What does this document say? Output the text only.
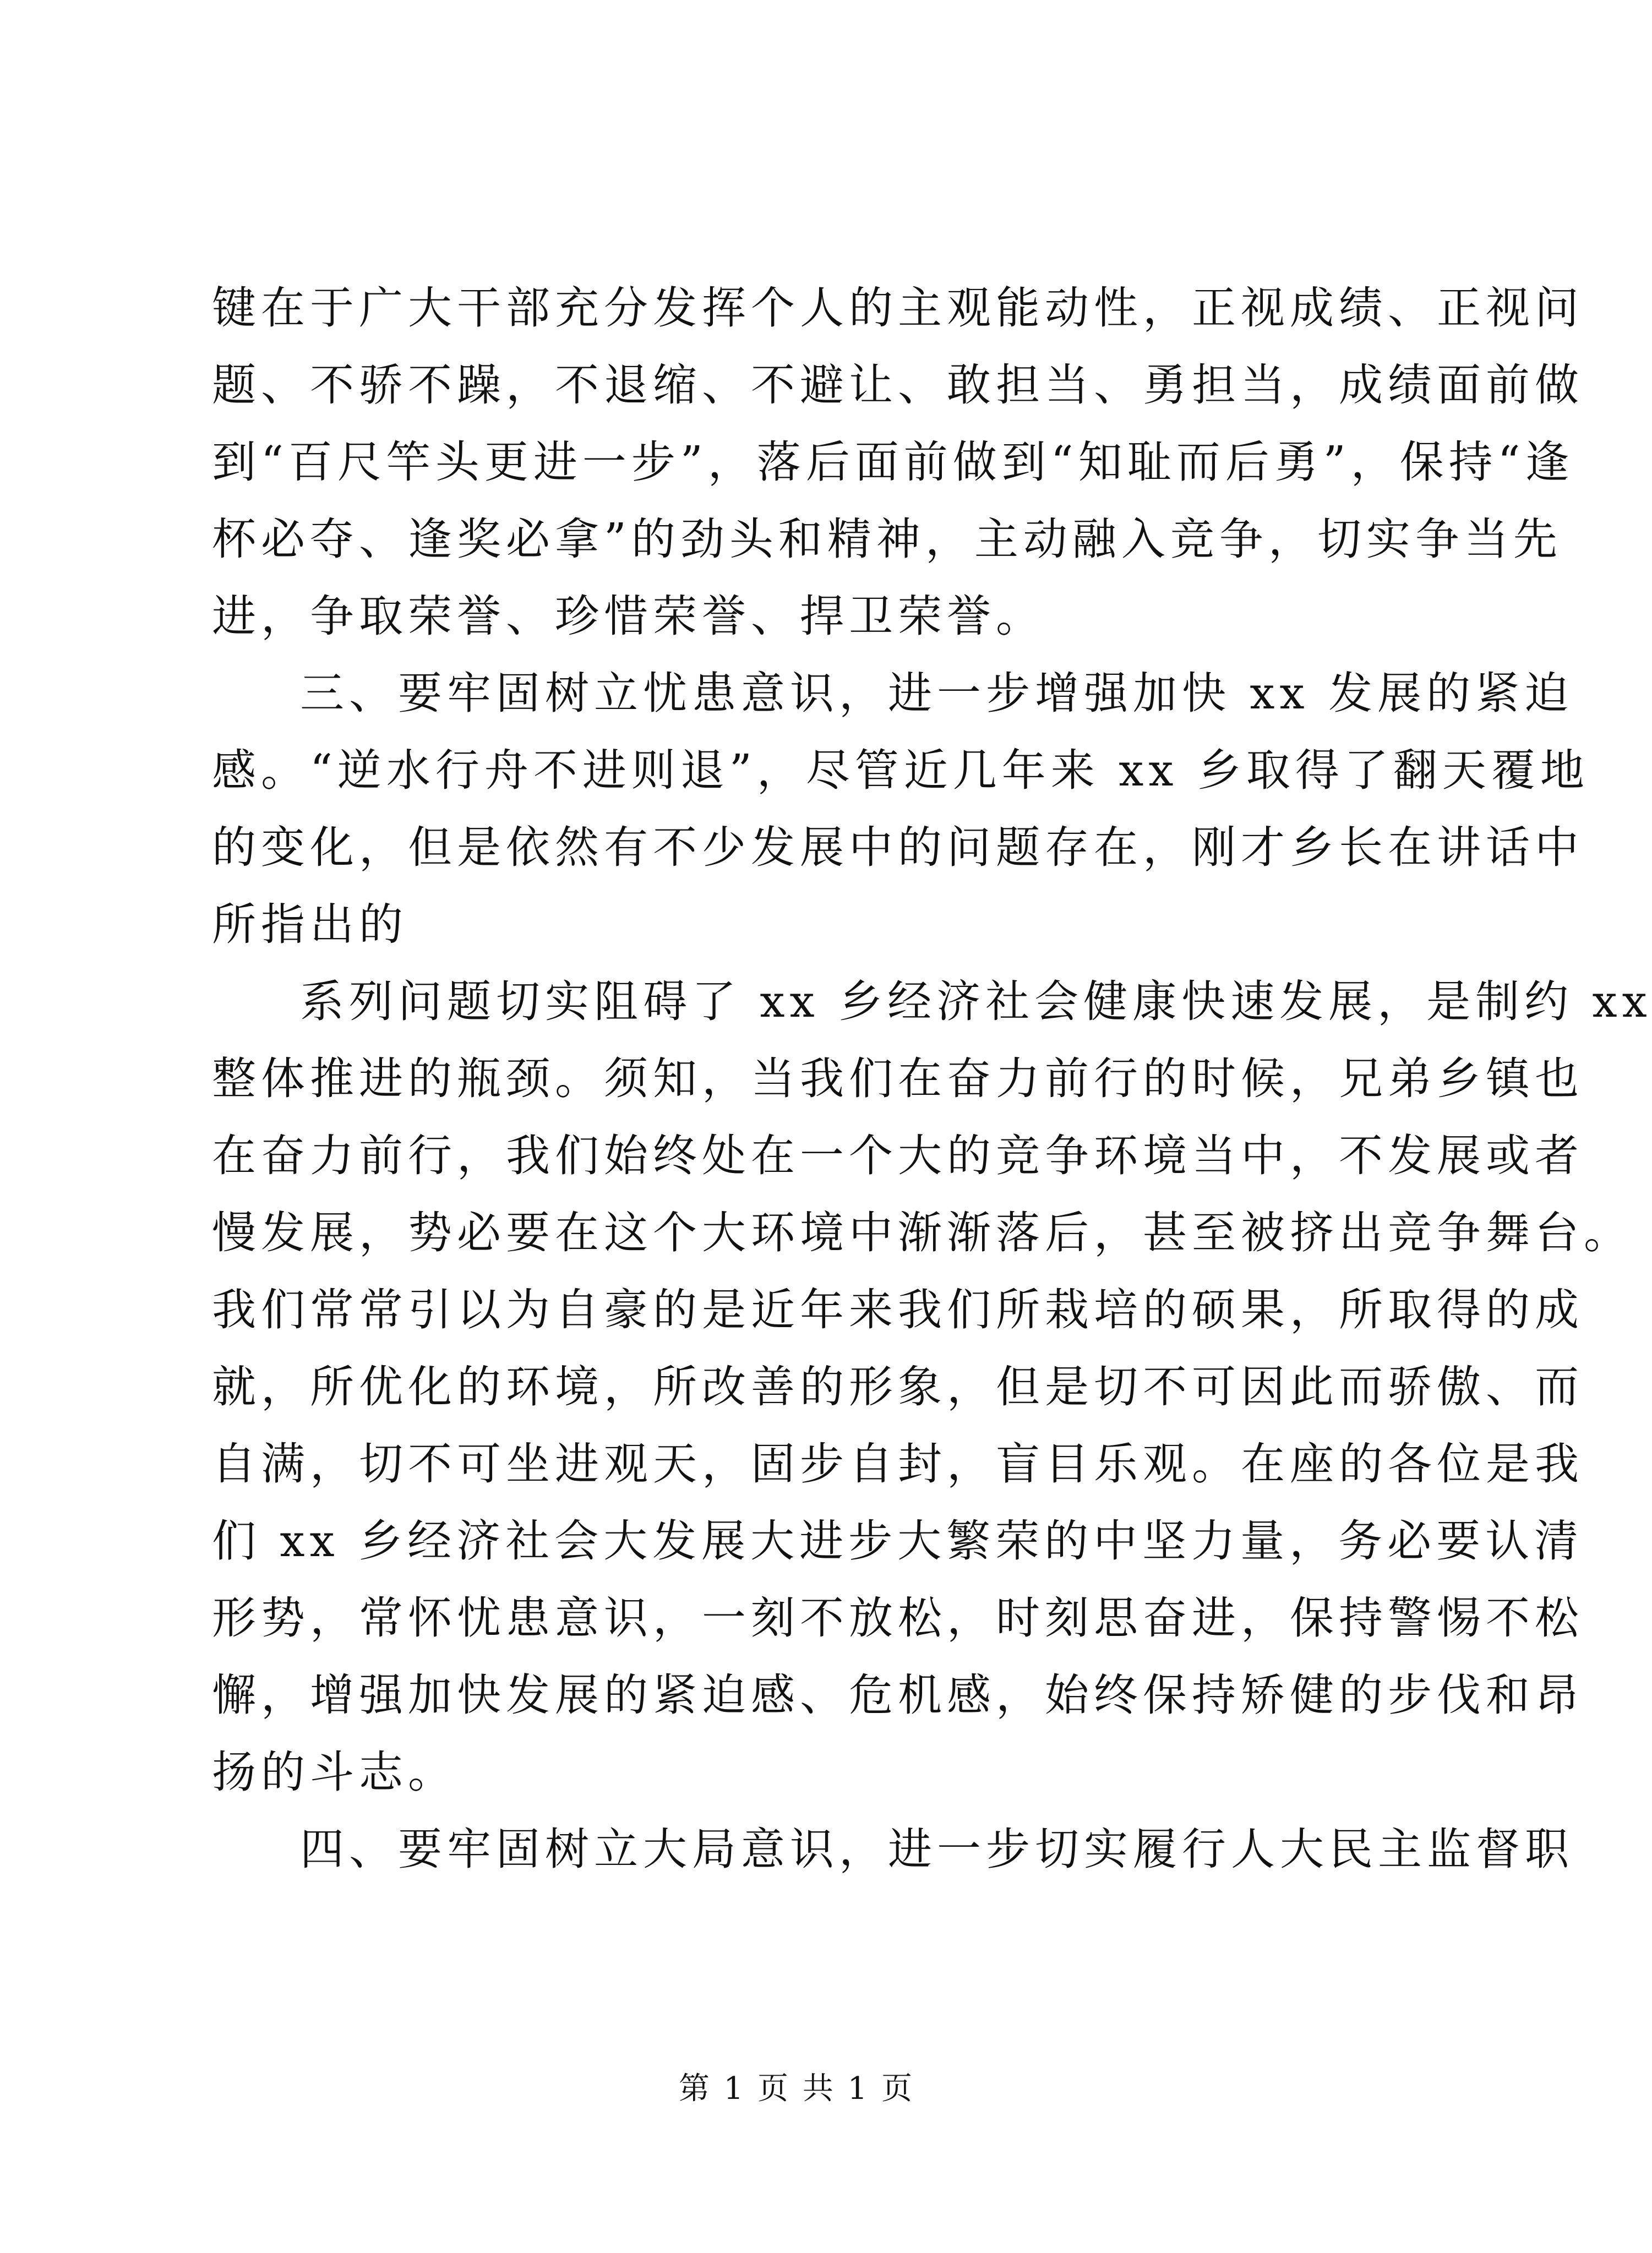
键在于广大干部充分发挥个人的主观能动性，正视成绩、正视问
题、不骄不躁，不退缩、不避让、敢担当、勇担当，成绩面前做
到“百尺竿头更进一步”，落后面前做到“知耻而后勇”，保持“逢
杯必夺、逢奖必拿”的劲头和精神，主动融入竞争，切实争当先
进，争取荣誉、珍惜荣誉、捍卫荣誉。
三、要牢固树立忧患意识，进一步增强加快 xx 发展的紧迫
感。“逆水行舟不进则退”，尽管近几年来 xx 乡取得了翻天覆地
的变化，但是依然有不少发展中的问题存在，刚才乡长在讲话中
所指出的
系列问题切实阻碍了 xx 乡经济社会健康快速发展，是制约 xx
整体推进的瓶颈。须知，当我们在奋力前行的时候，兄弟乡镇也
在奋力前行，我们始终处在一个大的竞争环境当中，不发展或者
慢发展，势必要在这个大环境中渐渐落后，甚至被挤出竞争舞台。
我们常常引以为自豪的是近年来我们所栽培的硕果，所取得的成
就，所优化的环境，所改善的形象，但是切不可因此而骄傲、而
自满，切不可坐进观天，固步自封，盲目乐观。在座的各位是我
们 xx 乡经济社会大发展大进步大繁荣的中坚力量，务必要认清
形势，常怀忧患意识，一刻不放松，时刻思奋进，保持警惕不松
懈，增强加快发展的紧迫感、危机感，始终保持矫健的步伐和昂
扬的斗志。
四、要牢固树立大局意识，进一步切实履行人大民主监督职
第 1 页 共 1 页
